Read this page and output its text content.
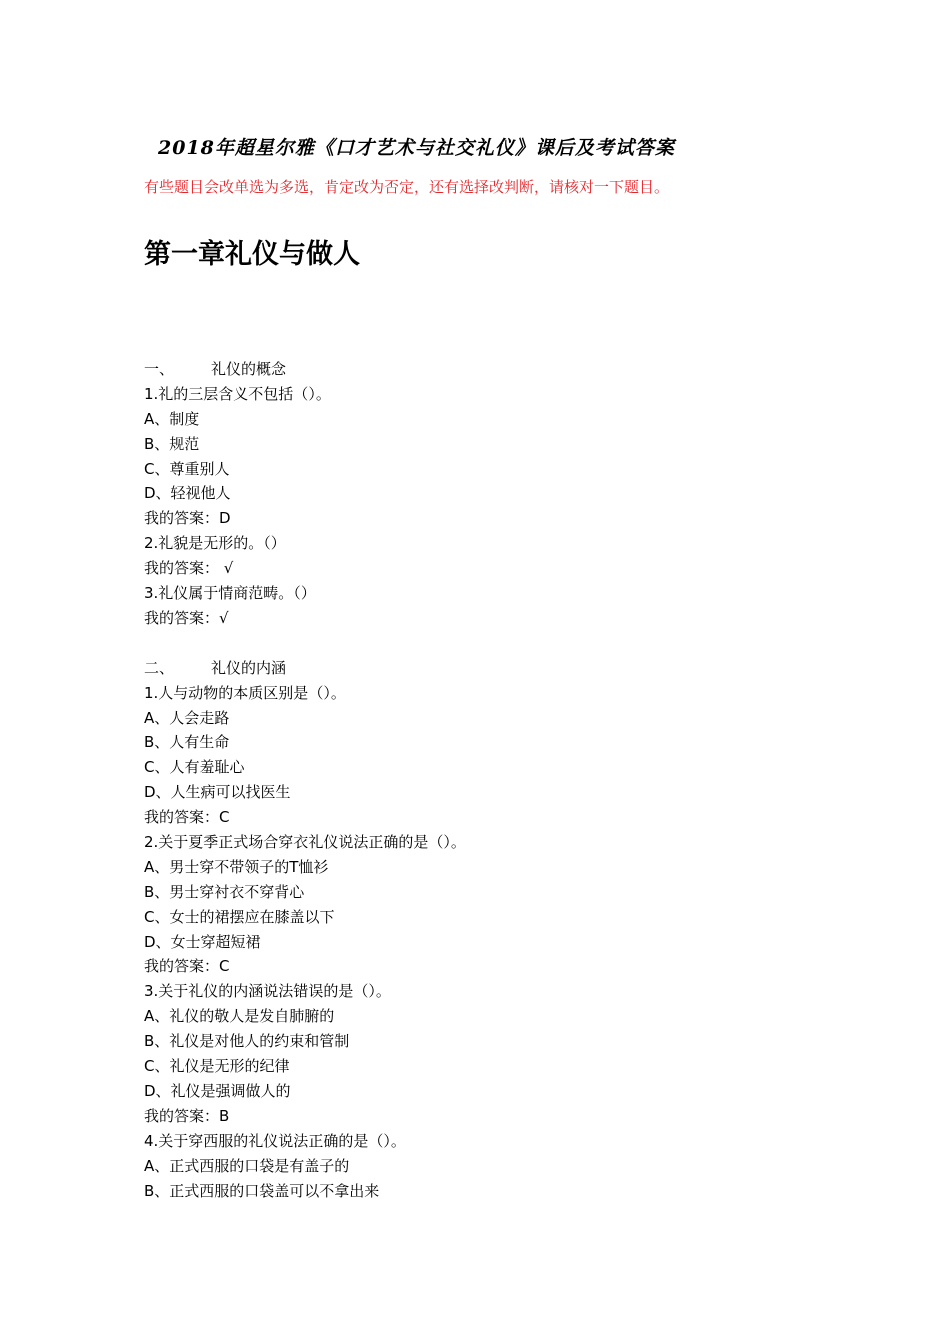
2018年超星尔雅《口才艺术与社交礼仪》课后及考试答案

有些题目会改单选为多选，肯定改为否定，还有选择改判断，请核对一下题目。

第一章礼仪与做人
一、 礼仪的概念
1.礼的三层含义不包括（）。
A、制度
B、规范
C、尊重别人
D、轻视他人
我的答案：D
2.礼貌是无形的。（）
我的答案： √
3.礼仪属于情商范畴。（）
我的答案：√
二、 礼仪的内涵
1.人与动物的本质区别是（）。
A、人会走路
B、人有生命
C、人有羞耻心
D、人生病可以找医生
我的答案：C
2.关于夏季正式场合穿衣礼仪说法正确的是（）。
A、男士穿不带领子的T恤衫
B、男士穿衬衣不穿背心
C、女士的裙摆应在膝盖以下
D、女士穿超短裙
我的答案：C
3.关于礼仪的内涵说法错误的是（）。
A、礼仪的敬人是发自肺腑的
B、礼仪是对他人的约束和管制
C、礼仪是无形的纪律
D、礼仪是强调做人的
我的答案：B
4.关于穿西服的礼仪说法正确的是（）。
A、正式西服的口袋是有盖子的
B、正式西服的口袋盖可以不拿出来
